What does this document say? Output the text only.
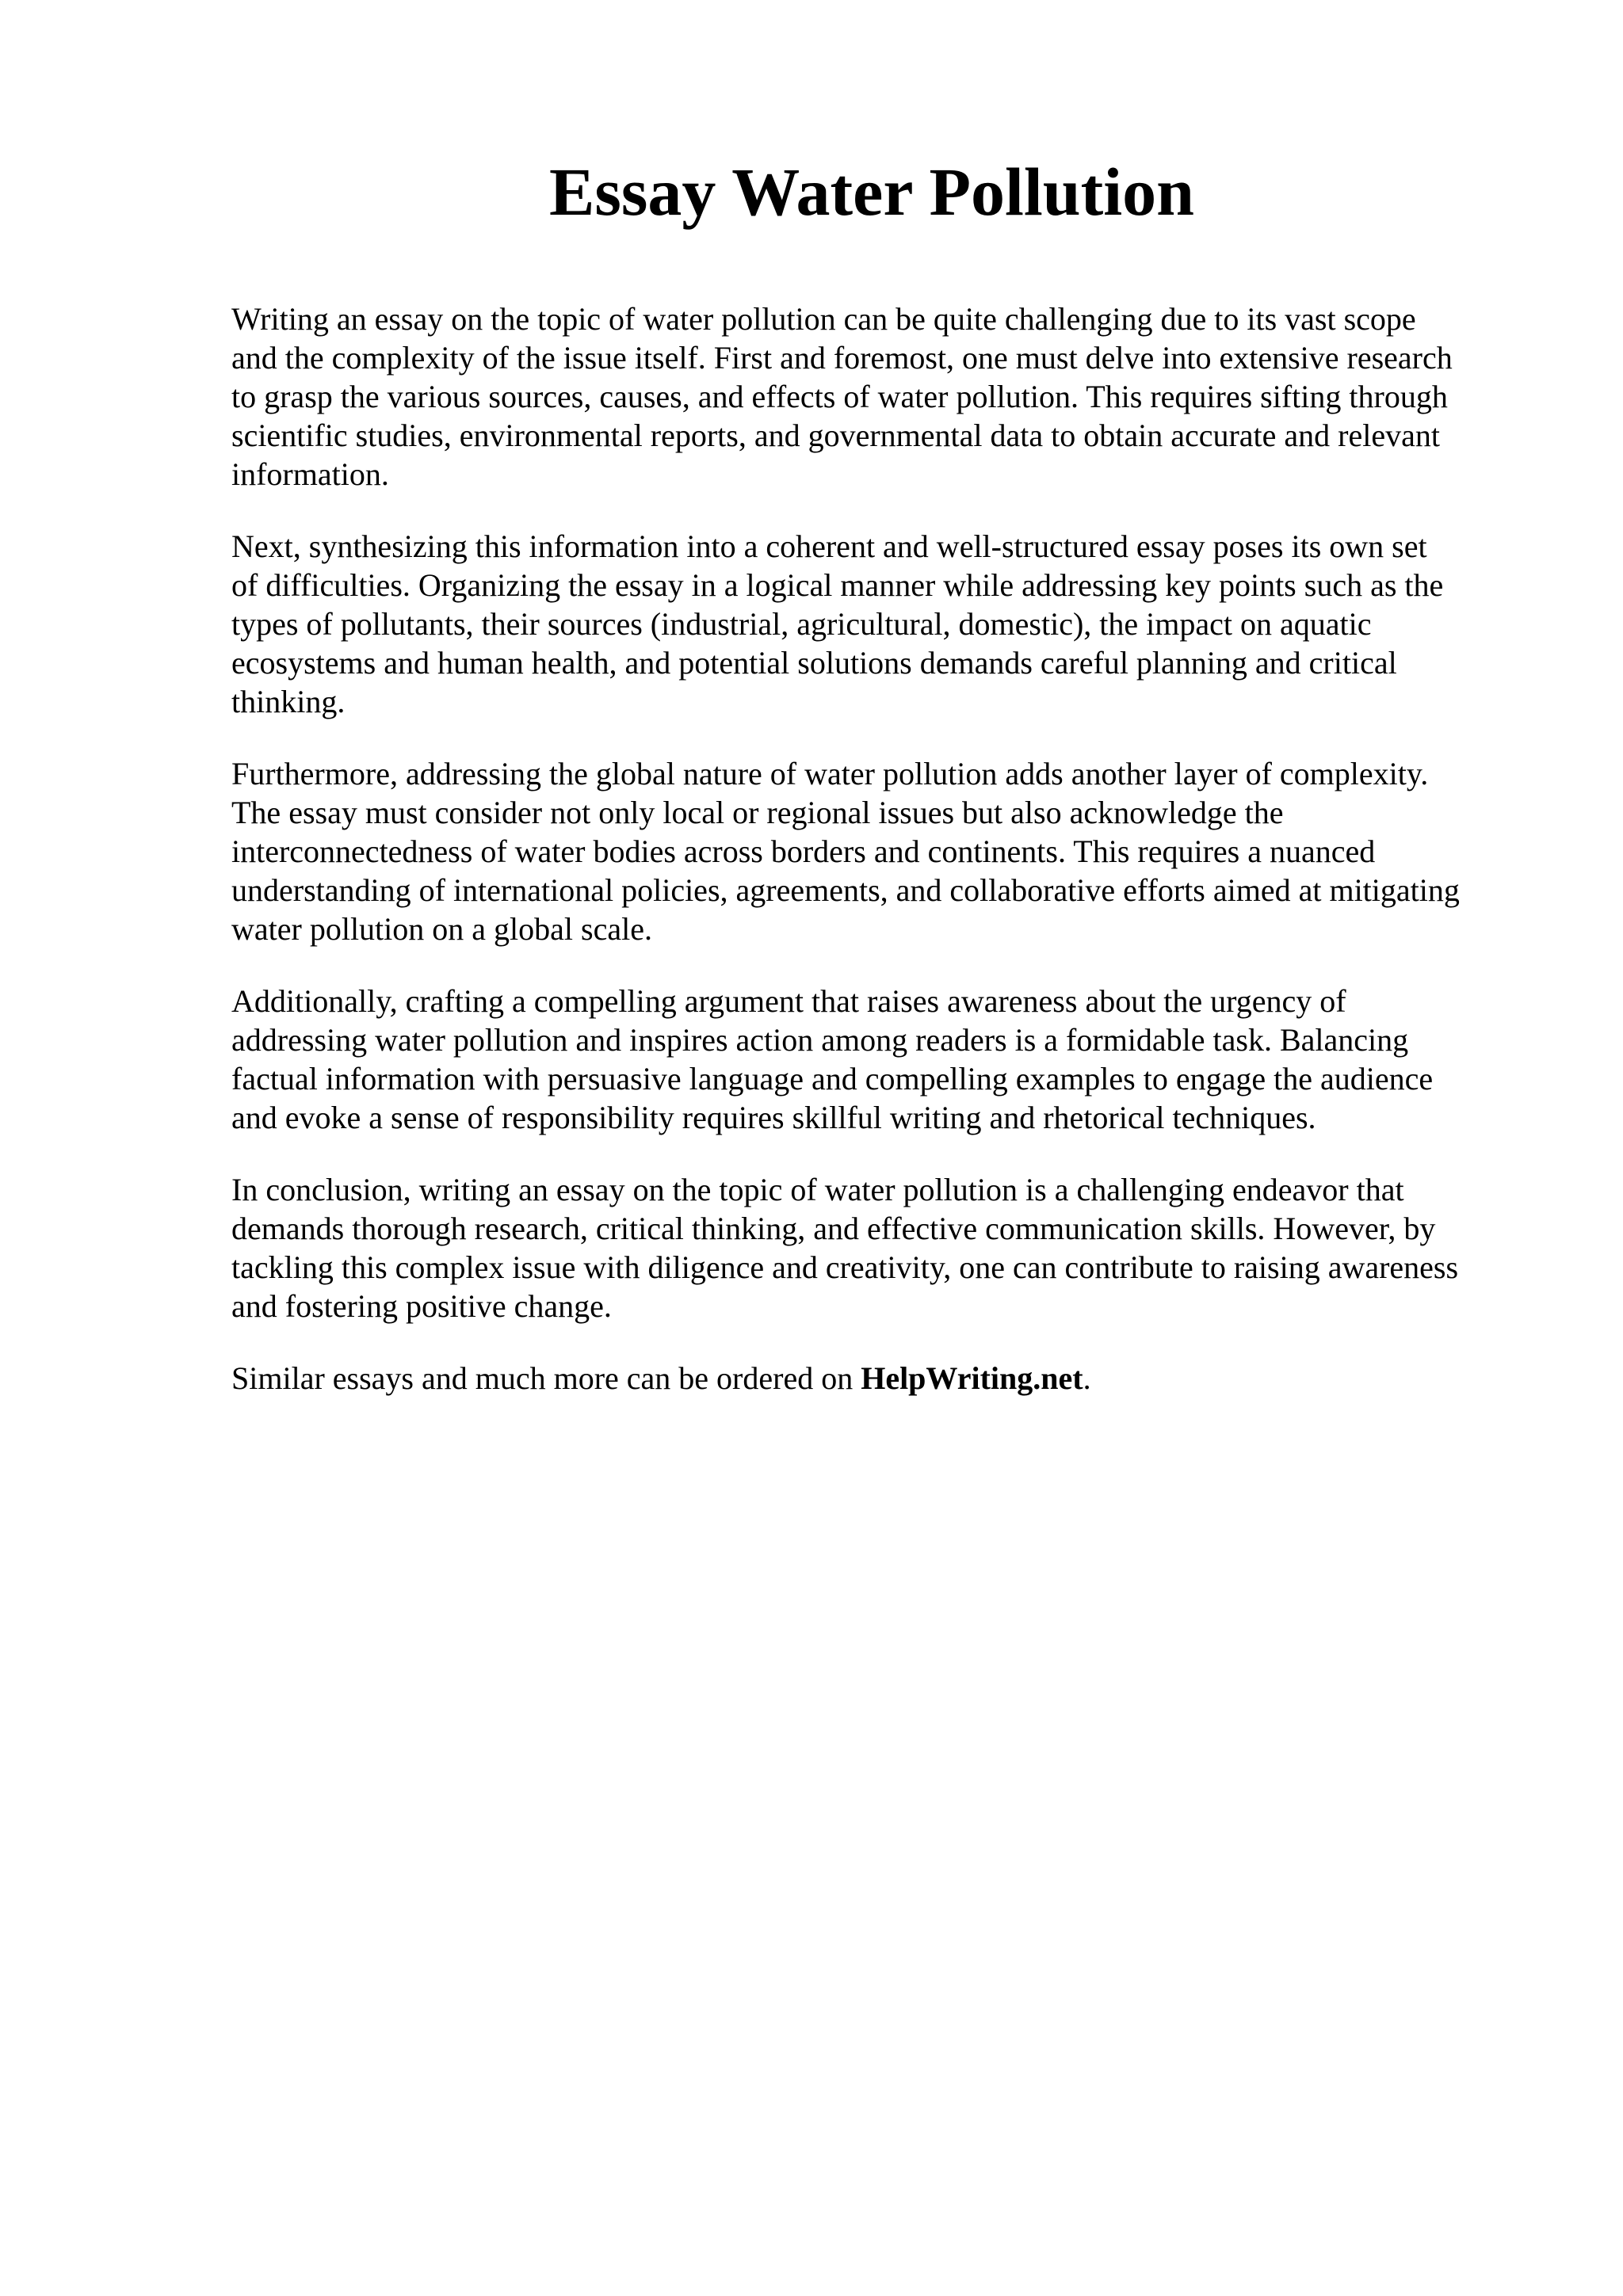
Essay Water Pollution

Writing an essay on the topic of water pollution can be quite challenging due to its vast scope
and the complexity of the issue itself. First and foremost, one must delve into extensive research
to grasp the various sources, causes, and effects of water pollution. This requires sifting through
scientific studies, environmental reports, and governmental data to obtain accurate and relevant
information.

Next, synthesizing this information into a coherent and well-structured essay poses its own set
of difficulties. Organizing the essay in a logical manner while addressing key points such as the
types of pollutants, their sources (industrial, agricultural, domestic), the impact on aquatic
ecosystems and human health, and potential solutions demands careful planning and critical
thinking.

Furthermore, addressing the global nature of water pollution adds another layer of complexity.
The essay must consider not only local or regional issues but also acknowledge the
interconnectedness of water bodies across borders and continents. This requires a nuanced
understanding of international policies, agreements, and collaborative efforts aimed at mitigating
water pollution on a global scale.

Additionally, crafting a compelling argument that raises awareness about the urgency of
addressing water pollution and inspires action among readers is a formidable task. Balancing
factual information with persuasive language and compelling examples to engage the audience
and evoke a sense of responsibility requires skillful writing and rhetorical techniques.

In conclusion, writing an essay on the topic of water pollution is a challenging endeavor that
demands thorough research, critical thinking, and effective communication skills. However, by
tackling this complex issue with diligence and creativity, one can contribute to raising awareness
and fostering positive change.

Similar essays and much more can be ordered on HelpWriting.net.
